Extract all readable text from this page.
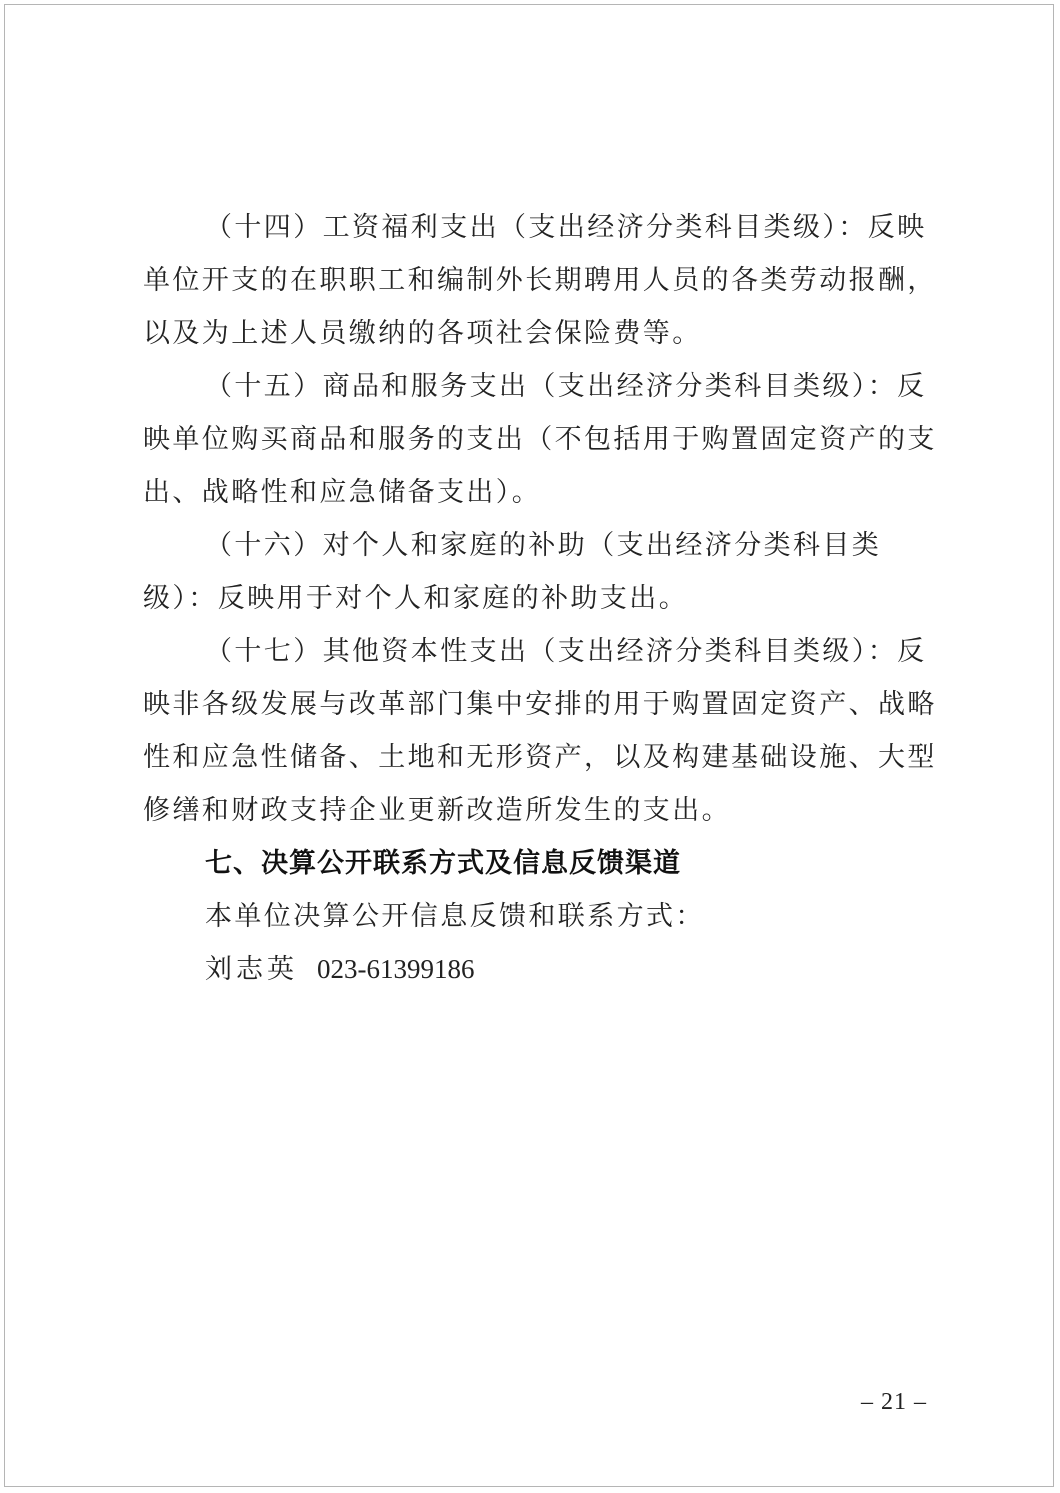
（十四）工资福利支出（支出经济分类科目类级）：反映
单位开支的在职职工和编制外长期聘用人员的各类劳动报酬，
以及为上述人员缴纳的各项社会保险费等。
（十五）商品和服务支出（支出经济分类科目类级）：反
映单位购买商品和服务的支出（不包括用于购置固定资产的支
出、战略性和应急储备支出）。
（十六）对个人和家庭的补助（支出经济分类科目类
级）：反映用于对个人和家庭的补助支出。
（十七）其他资本性支出（支出经济分类科目类级）：反
映非各级发展与改革部门集中安排的用于购置固定资产、战略
性和应急性储备、土地和无形资产，以及构建基础设施、大型
修缮和财政支持企业更新改造所发生的支出。
七、决算公开联系方式及信息反馈渠道
本单位决算公开信息反馈和联系方式：
刘志英 023-61399186
– 21 –
